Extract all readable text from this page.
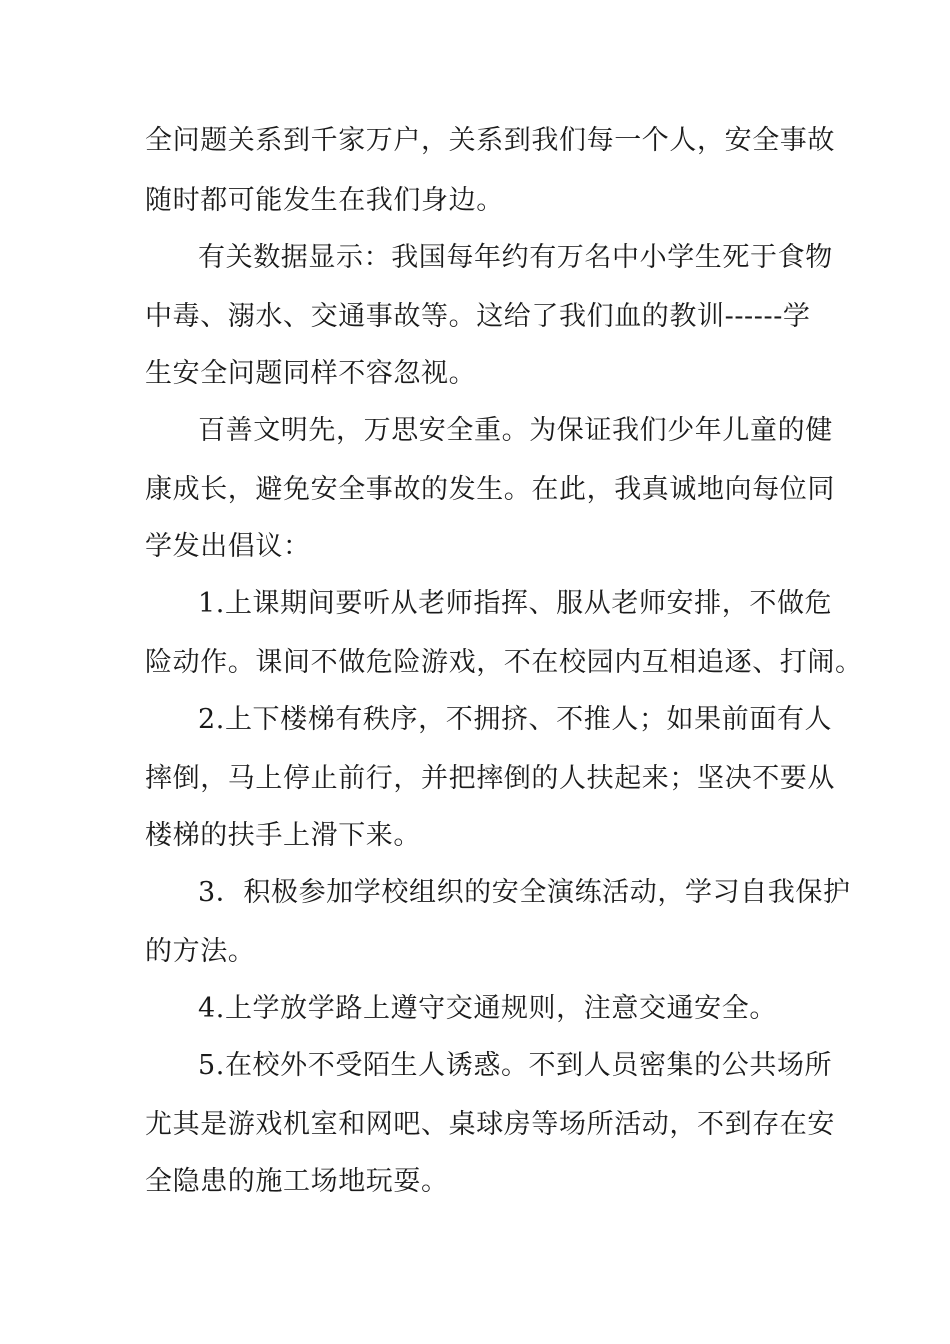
全问题关系到千家万户，关系到我们每一个人，安全事故

随时都可能发生在我们身边。

有关数据显示：我国每年约有万名中小学生死于食物

中毒、溺水、交通事故等。这给了我们血的教训------学

生安全问题同样不容忽视。

百善文明先，万思安全重。为保证我们少年儿童的健

康成长，避免安全事故的发生。在此，我真诚地向每位同

学发出倡议：

1.上课期间要听从老师指挥、服从老师安排，不做危

险动作。课间不做危险游戏，不在校园内互相追逐、打闹。

2.上下楼梯有秩序，不拥挤、不推人；如果前面有人

摔倒，马上停止前行，并把摔倒的人扶起来；坚决不要从

楼梯的扶手上滑下来。

3．积极参加学校组织的安全演练活动，学习自我保护

的方法。

4.上学放学路上遵守交通规则，注意交通安全。

5.在校外不受陌生人诱惑。不到人员密集的公共场所

尤其是游戏机室和网吧、桌球房等场所活动，不到存在安

全隐患的施工场地玩耍。
